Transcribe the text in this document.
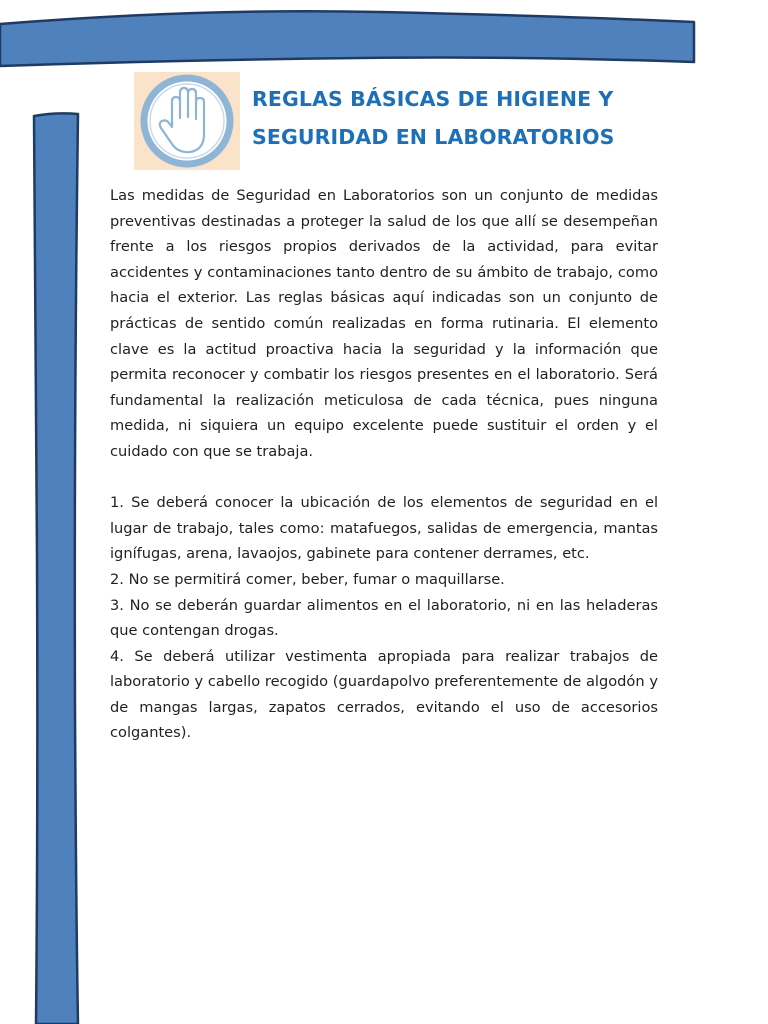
REGLAS BÁSICAS DE HIGIENE Y
SEGURIDAD EN LABORATORIOS

Las medidas de Seguridad en Laboratorios son un conjunto de medidas preventivas destinadas a proteger la salud de los que allí se desempeñan frente a los riesgos propios derivados de la actividad, para evitar accidentes y contaminaciones tanto dentro de su ámbito de trabajo, como hacia el exterior. Las reglas básicas aquí indicadas son un conjunto de prácticas de sentido común realizadas en forma rutinaria. El elemento clave es la actitud proactiva hacia la seguridad y la información que permita reconocer y combatir los riesgos presentes en el laboratorio. Será fundamental la realización meticulosa de cada técnica, pues ninguna medida, ni siquiera un equipo excelente puede sustituir el orden y el cuidado con que se trabaja.

1. Se deberá conocer la ubicación de los elementos de seguridad en el lugar de trabajo, tales como: matafuegos, salidas de emergencia, mantas ignífugas, arena, lavaojos, gabinete para contener derrames, etc.

2. No se permitirá comer, beber, fumar o maquillarse.

3. No se deberán guardar alimentos en el laboratorio, ni en las heladeras que contengan drogas.

4. Se deberá utilizar vestimenta apropiada para realizar trabajos de laboratorio y cabello recogido (guardapolvo preferentemente de algodón y de mangas largas, zapatos cerrados, evitando el uso de accesorios colgantes).
